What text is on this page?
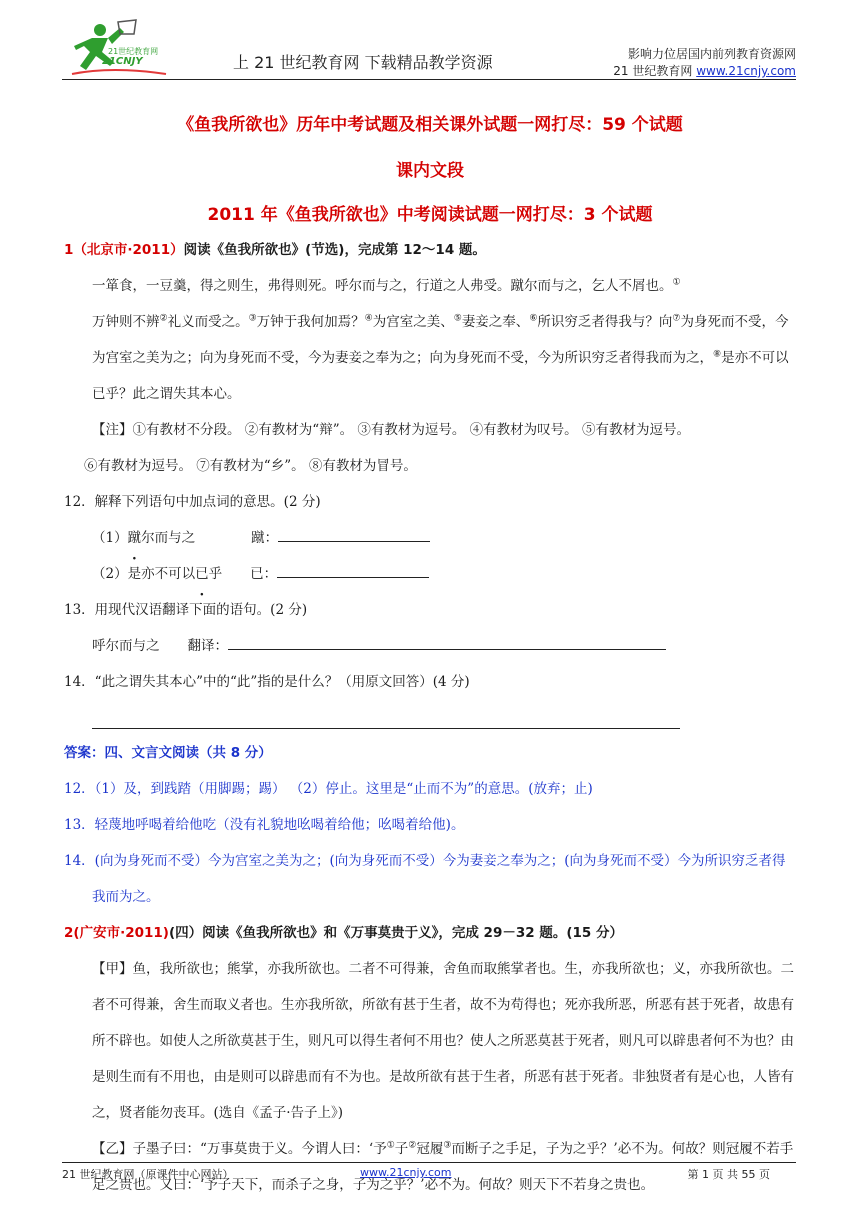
21世纪教育网
21CNJY	上 21 世纪教育网 下载精品教学资源	影响力位居国内前列教育资源网
21 世纪教育网 www.21cnjy.com
《鱼我所欲也》历年中考试题及相关课外试题一网打尽：59 个试题
课内文段
2011 年《鱼我所欲也》中考阅读试题一网打尽：3 个试题

1（北京市·2011）阅读《鱼我所欲也》(节选)，完成第 12～14 题。

一箪食，一豆羹，得之则生，弗得则死。呼尔而与之，行道之人弗受。蹴尔而与之，乞人不屑也。①

万钟则不辨②礼义而受之。③万钟于我何加焉？④为宫室之美、⑤妻妾之奉、⑥所识穷乏者得我与？向⑦为身死而不受，今为宫室之美为之；向为身死而不受，今为妻妾之奉为之；向为身死而不受，今为所识穷乏者得我而为之，⑧是亦不可以已乎？此之谓失其本心。

【注】①有教材不分段。 ②有教材为“辩”。 ③有教材为逗号。 ④有教材为叹号。 ⑤有教材为逗号。

⑥有教材为逗号。 ⑦有教材为“乡”。 ⑧有教材为冒号。

12．解释下列语句中加点词的意思。(2 分)

（1）蹴尔而与之	蹴：

（2）是亦不可以已乎 已：

13．用现代汉语翻译下面的语句。(2 分)

呼尔而与之 翻译：

14．“此之谓失其本心”中的“此”指的是什么？（用原文回答）(4 分)

答案：四、文言文阅读（共 8 分）

12．（1）及，到践踏（用脚踢；踢） （2）停止。这里是“止而不为”的意思。(放弃；止)

13．轻蔑地呼喝着给他吃（没有礼貌地吆喝着给他；吆喝着给他)。

14．(向为身死而不受）今为宫室之美为之；(向为身死而不受）今为妻妾之奉为之；(向为身死而不受）今为所识穷乏者得我而为之。

2(广安市·2011)(四）阅读《鱼我所欲也》和《万事莫贵于义》，完成 29－32 题。(15 分）

【甲】鱼，我所欲也；熊掌，亦我所欲也。二者不可得兼，舍鱼而取熊掌者也。生，亦我所欲也；义，亦我所欲也。二者不可得兼，舍生而取义者也。生亦我所欲，所欲有甚于生者，故不为苟得也；死亦我所恶，所恶有甚于死者，故患有所不辟也。如使人之所欲莫甚于生，则凡可以得生者何不用也？使人之所恶莫甚于死者，则凡可以辟患者何不为也？由是则生而有不用也，由是则可以辟患而有不为也。是故所欲有甚于生者，所恶有甚于死者。非独贤者有是心也，人皆有之，贤者能勿丧耳。(选自《孟子·告子上》)

【乙】子墨子曰：“万事莫贵于义。今谓人曰：‘予①子②冠履③而断子之手足，子为之乎？’必不为。何故？则冠履不若手足之贵也。又曰：‘予子天下，而杀子之身，子为之乎？’必不为。何故？则天下不若身之贵也。

21 世纪教育网（原课件中心网站）	www.21cnjy.com	第 1 页 共 55 页
